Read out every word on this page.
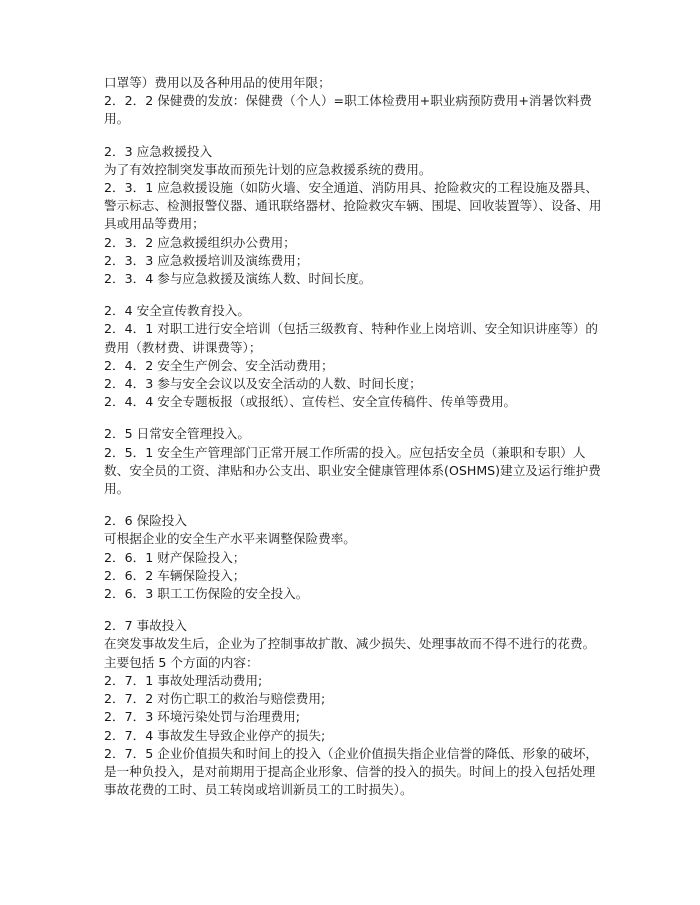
口罩等）费用以及各种用品的使用年限；

2．2．2 保健费的发放：保健费（个人）=职工体检费用+职业病预防费用+消暑饮料费用。

2．3 应急救援投入

为了有效控制突发事故而预先计划的应急救援系统的费用。

2．3．1 应急救援设施（如防火墙、安全通道、消防用具、抢险救灾的工程设施及器具、警示标志、检测报警仪器、通讯联络器材、抢险救灾车辆、围堤、回收装置等）、设备、用具或用品等费用；

2．3．2 应急救援组织办公费用；

2．3．3 应急救援培训及演练费用；

2．3．4 参与应急救援及演练人数、时间长度。

2．4 安全宣传教育投入。

2．4．1 对职工进行安全培训（包括三级教育、特种作业上岗培训、安全知识讲座等）的费用（教材费、讲课费等）；

2．4．2 安全生产例会、安全活动费用；

2．4．3 参与安全会议以及安全活动的人数、时间长度；

2．4．4 安全专题板报（或报纸）、宣传栏、安全宣传稿件、传单等费用。

2．5 日常安全管理投入。

2．5．1 安全生产管理部门正常开展工作所需的投入。应包括安全员（兼职和专职）人数、安全员的工资、津贴和办公支出、职业安全健康管理体系(OSHMS)建立及运行维护费用。

2．6 保险投入

可根据企业的安全生产水平来调整保险费率。

2．6．1 财产保险投入；

2．6．2 车辆保险投入；

2．6．3 职工工伤保险的安全投入。

2．7 事故投入

在突发事故发生后，企业为了控制事故扩散、减少损失、处理事故而不得不进行的花费。主要包括 5 个方面的内容：

2．7．1 事故处理活动费用;

2．7．2 对伤亡职工的救治与赔偿费用;

2．7．3 环境污染处罚与治理费用;

2．7．4 事故发生导致企业停产的损失;

2．7．5 企业价值损失和时间上的投入（企业价值损失指企业信誉的降低、形象的破坏，是一种负投入，是对前期用于提高企业形象、信誉的投入的损失。时间上的投入包括处理事故花费的工时、员工转岗或培训新员工的工时损失）。
